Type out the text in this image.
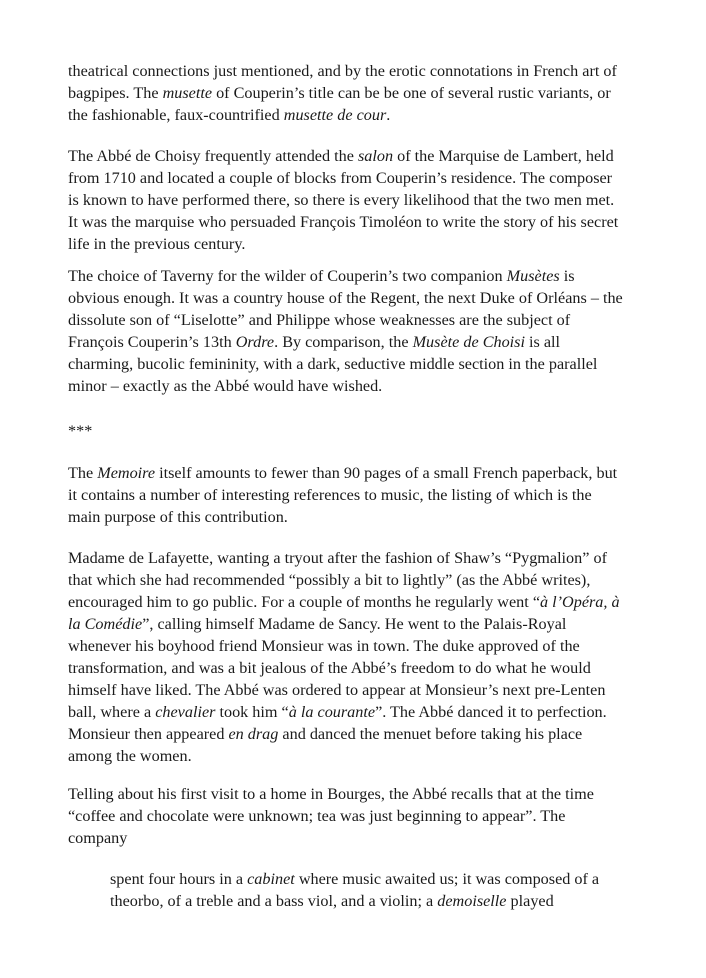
theatrical connections just mentioned, and by the erotic connotations in French art of
bagpipes. The musette of Couperin’s title can be be one of several rustic variants, or
the fashionable, faux-countrified musette de cour.
The Abbé de Choisy frequently attended the salon of the Marquise de Lambert, held
from 1710 and located a couple of blocks from Couperin’s residence. The composer
is known to have performed there, so there is every likelihood that the two men met.
It was the marquise who persuaded François Timoléon to write the story of his secret
life in the previous century.
The choice of Taverny for the wilder of Couperin’s two companion Musètes is
obvious enough. It was a country house of the Regent, the next Duke of Orléans – the
dissolute son of “Liselotte” and Philippe whose weaknesses are the subject of
François Couperin’s 13th Ordre. By comparison, the Musète de Choisi is all
charming, bucolic femininity, with a dark, seductive middle section in the parallel
minor – exactly as the Abbé would have wished.
***
The Memoire itself amounts to fewer than 90 pages of a small French paperback, but
it contains a number of interesting references to music, the listing of which is the
main purpose of this contribution.
Madame de Lafayette, wanting a tryout after the fashion of Shaw’s “Pygmalion” of
that which she had recommended “possibly a bit to lightly” (as the Abbé writes),
encouraged him to go public. For a couple of months he regularly went “à l’Opéra, à
la Comédie”, calling himself Madame de Sancy. He went to the Palais-Royal
whenever his boyhood friend Monsieur was in town. The duke approved of the
transformation, and was a bit jealous of the Abbé’s freedom to do what he would
himself have liked. The Abbé was ordered to appear at Monsieur’s next pre-Lenten
ball, where a chevalier took him “à la courante”. The Abbé danced it to perfection.
Monsieur then appeared en drag and danced the menuet before taking his place
among the women.
Telling about his first visit to a home in Bourges, the Abbé recalls that at the time
“coffee and chocolate were unknown; tea was just beginning to appear”. The
company
spent four hours in a cabinet where music awaited us; it was composed of a
theorbo, of a treble and a bass viol, and a violin; a demoiselle played
